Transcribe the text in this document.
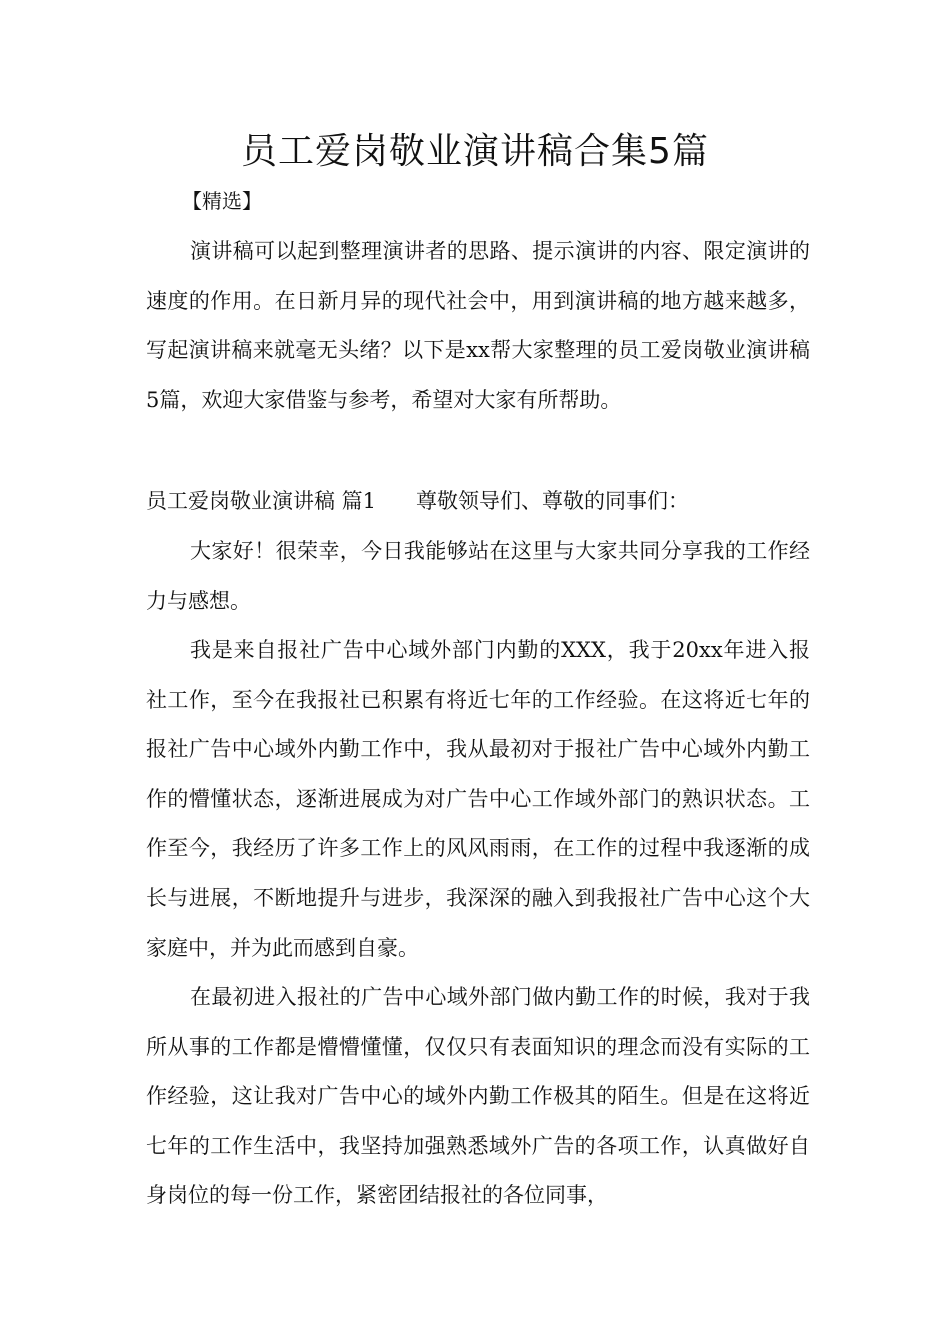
员工爱岗敬业演讲稿合集5篇

【精选】

演讲稿可以起到整理演讲者的思路、提示演讲的内容、限定演讲的速度的作用。在日新月异的现代社会中，用到演讲稿的地方越来越多，写起演讲稿来就毫无头绪？以下是xx帮大家整理的员工爱岗敬业演讲稿5篇，欢迎大家借鉴与参考，希望对大家有所帮助。

员工爱岗敬业演讲稿 篇1 尊敬领导们、尊敬的同事们：

大家好！很荣幸，今日我能够站在这里与大家共同分享我的工作经力与感想。

我是来自报社广告中心域外部门内勤的XXX，我于20xx年进入报社工作，至今在我报社已积累有将近七年的工作经验。在这将近七年的报社广告中心域外内勤工作中，我从最初对于报社广告中心域外内勤工作的懵懂状态，逐渐进展成为对广告中心工作域外部门的熟识状态。工作至今，我经历了许多工作上的风风雨雨，在工作的过程中我逐渐的成长与进展，不断地提升与进步，我深深的融入到我报社广告中心这个大家庭中，并为此而感到自豪。

在最初进入报社的广告中心域外部门做内勤工作的时候，我对于我所从事的工作都是懵懵懂懂，仅仅只有表面知识的理念而没有实际的工作经验，这让我对广告中心的域外内勤工作极其的陌生。但是在这将近七年的工作生活中，我坚持加强熟悉域外广告的各项工作，认真做好自身岗位的每一份工作，紧密团结报社的各位同事，
